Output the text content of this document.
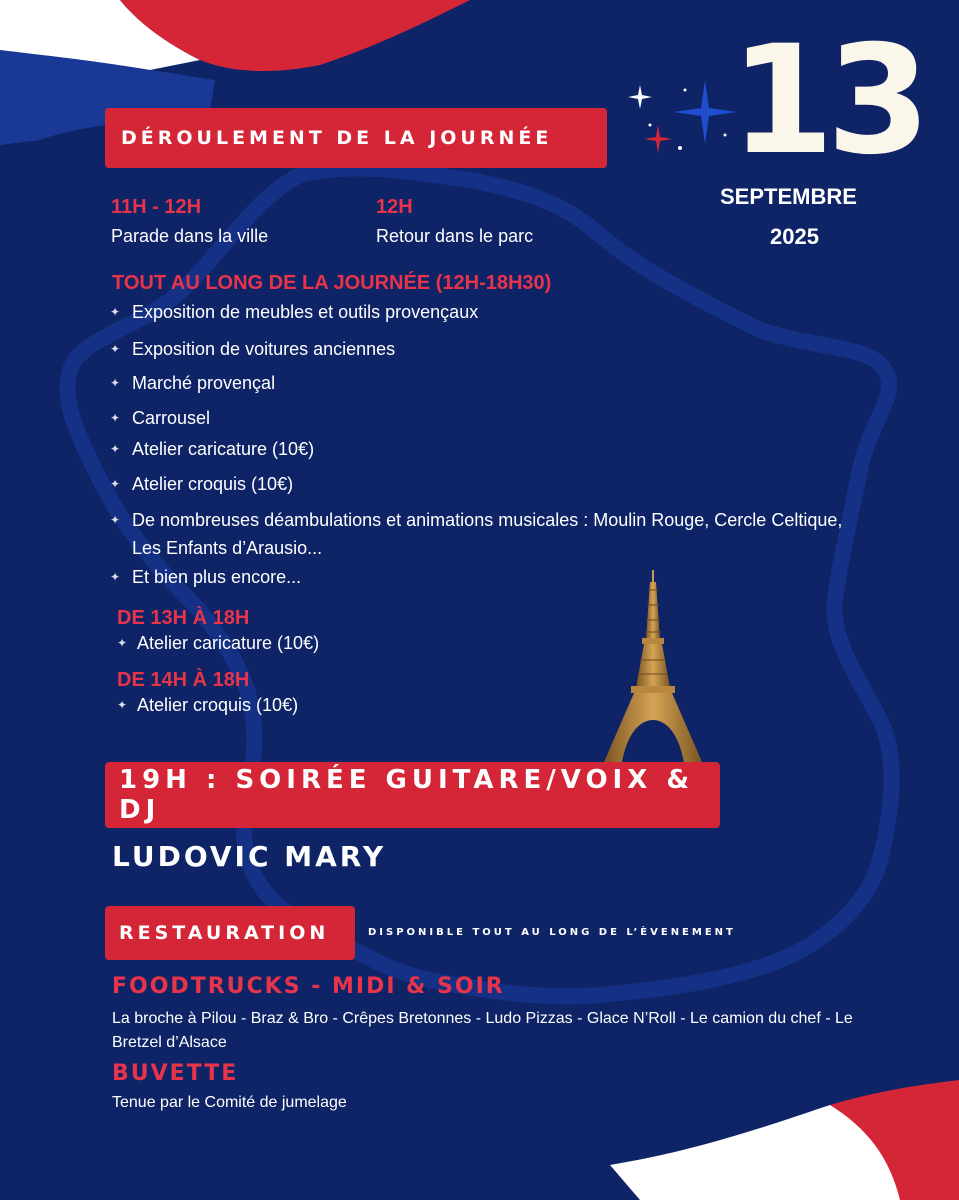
13
SEPTEMBRE
2025
DÉROULEMENT DE LA JOURNÉE
11H - 12H
Parade dans la ville
12H
Retour dans le parc
TOUT AU LONG DE LA JOURNÉE (12H-18H30)
✦ Exposition de meubles et outils provençaux
✦ Exposition de voitures anciennes
✦ Marché provençal
✦ Carrousel
✦ Atelier caricature (10€)
✦ Atelier croquis (10€)
✦ De nombreuses déambulations et animations musicales : Moulin Rouge, Cercle Celtique, Les Enfants d’Arausio...
✦ Et bien plus encore...
DE 13H À 18H
✦ Atelier caricature (10€)
DE 14H À 18H
✦ Atelier croquis (10€)
19H : SOIRÉE GUITARE/VOIX & DJ
LUDOVIC MARY
RESTAURATION	DISPONIBLE TOUT AU LONG DE L’ÈVENEMENT
FOODTRUCKS - MIDI & SOIR
La broche à Pilou - Braz & Bro - Crêpes Bretonnes - Ludo Pizzas - Glace N’Roll - Le camion du chef - Le Bretzel d’Alsace
BUVETTE
Tenue par le Comité de jumelage
